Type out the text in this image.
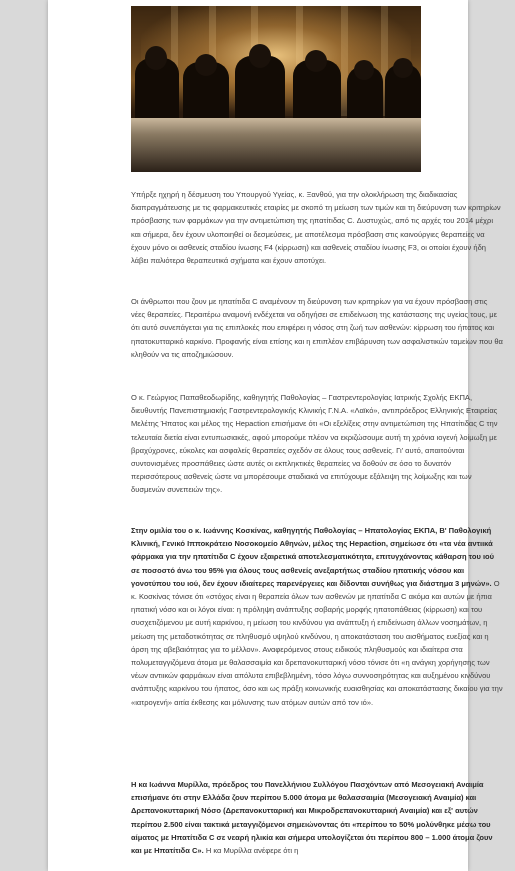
Υπήρξε ηχηρή η δέσμευση του Υπουργού Υγείας, κ. Ξανθού, για την ολοκλήρωση της διαδικασίας διαπραγμάτευσης με τις φαρμακευτικές εταιρίες με σκοπό τη μείωση των τιμών και τη διεύρυνση των κριτηρίων πρόσβασης των φαρμάκων για την αντιμετώπιση της ηπατίτιδας C. Δυστυχώς, από τις αρχές του 2014 μέχρι και σήμερα, δεν έχουν υλοποιηθεί οι δεσμεύσεις, με αποτέλεσμα πρόσβαση στις καινούργιες θεραπείες να έχουν μόνο οι ασθενείς σταδίου ίνωσης F4 (κίρρωση) και ασθενείς σταδίου ίνωσης F3, οι οποίοι έχουν ήδη λάβει παλιότερα θεραπευτικά σχήματα και έχουν αποτύχει.

Οι άνθρωποι που ζουν με ηπατίτιδα C αναμένουν τη διεύρυνση των κριτηρίων για να έχουν πρόσβαση στις νέες θεραπείες. Περαιτέρω αναμονή ενδέχεται να οδηγήσει σε επιδείνωση της κατάστασης της υγείας τους, με ότι αυτό συνεπάγεται για τις επιπλοκές που επιφέρει η νόσος στη ζωή των ασθενών: κίρρωση του ήπατος και ηπατοκυτταρικό καρκίνο. Προφανής είναι επίσης και η επιπλέον επιβάρυνση των ασφαλιστικών ταμείων που θα κληθούν να τις αποζημιώσουν.

Ο κ. Γεώργιος Παπαθεοδωρίδης, καθηγητής Παθολογίας – Γαστρεντερολογίας Ιατρικής Σχολής ΕΚΠΑ, διευθυντής Πανεπιστημιακής Γαστρεντερολογικής Κλινικής Γ.Ν.Α. «Λαϊκό», αντιπρόεδρος Ελληνικής Εταιρείας Μελέτης Ήπατος και μέλος της Hepaction επισήμανε ότι «Οι εξελίξεις στην αντιμετώπιση της Ηπατίτιδας C την τελευταία διετία είναι εντυπωσιακές, αφού μπορούμε πλέον να εκριζώσουμε αυτή τη χρόνια ιογενή λοίμωξη με βραχύχρονες, εύκολες και ασφαλείς θεραπείες σχεδόν σε όλους τους ασθενείς. Γι' αυτό, απαιτούνται συντονισμένες προσπάθειες ώστε αυτές οι εκπληκτικές θεραπείες να δοθούν σε όσο το δυνατόν περισσότερους ασθενείς ώστε να μπορέσουμε σταδιακά να επιτύχουμε εξάλειψη της λοίμωξης και των δυσμενών συνεπειών της».

Στην ομιλία του ο κ. Ιωάννης Κοσκίνας, καθηγητής Παθολογίας – Ηπατολογίας ΕΚΠΑ, Β' Παθολογική Κλινική, Γενικό Ιπποκράτειο Νοσοκομείο Αθηνών, μέλος της Hepaction, σημείωσε ότι «τα νέα αντιικά φάρμακα για την ηπατίτιδα C έχουν εξαιρετικά αποτελεσματικότητα, επιτυγχάνοντας κάθαρση του ιού σε ποσοστό άνω του 95% για όλους τους ασθενείς ανεξαρτήτως σταδίου ηπατικής νόσου και γονοτύπου του ιού, δεν έχουν ιδιαίτερες παρενέργειες και δίδονται συνήθως για διάστημα 3 μηνών». Ο κ. Κοσκίνας τόνισε ότι «στόχος είναι η θεραπεία όλων των ασθενών με ηπατίτιδα C ακόμα και αυτών με ήπια ηπατική νόσο και οι λόγοι είναι: η πρόληψη ανάπτυξης σοβαρής μορφής ηπατοπάθειας (κίρρωση) και του συσχετιζόμενου με αυτή καρκίνου, η μείωση του κινδύνου για ανάπτυξη ή επιδείνωση άλλων νοσημάτων, η μείωση της μεταδοτικότητας σε πληθυσμό υψηλού κινδύνου, η αποκατάσταση του αισθήματος ευεξίας και η άρση της αβεβαιότητας για το μέλλον». Αναφερόμενος στους ειδικούς πληθυσμούς και ιδιαίτερα στα πολυμεταγγιζόμενα άτομα με θαλασσαιμία και δρεπανοκυτταρική νόσο τόνισε ότι «η ανάγκη χορήγησης των νέων αντιικών φαρμάκων είναι απόλυτα επιβεβλημένη, τόσο λόγω συννοσηρότητας και αυξημένου κινδύνου ανάπτυξης καρκίνου του ήπατος, όσο και ως πράξη κοινωνικής ευαισθησίας και αποκατάστασης δικαίου για την «ιατρογενή» αιτία έκθεσης και μόλυνσης των ατόμων αυτών από τον ιό».

Η κα Ιωάννα Μυρίλλα, πρόεδρος του Πανελλήνιου Συλλόγου Πασχόντων από Μεσογειακή Αναιμία επισήμανε ότι στην Ελλάδα ζουν περίπου 5.000 άτομα με θαλασσαιμία (Μεσογειακή Αναιμία) και Δρεπανοκυτταρική Νόσο (Δρεπανοκυτταρική και Μικροδρεπανοκυτταρική Αναιμία) και εξ' αυτών περίπου 2.500 είναι τακτικά μεταγγιζόμενοι σημειώνοντας ότι «περίπου το 50% μολύνθηκε μέσω του αίματος με Ηπατίτιδα C σε νεαρή ηλικία και σήμερα υπολογίζεται ότι περίπου 800 – 1.000 άτομα ζουν και με Ηπατίτιδα C». Η κα Μυρίλλα ανέφερε ότι η
